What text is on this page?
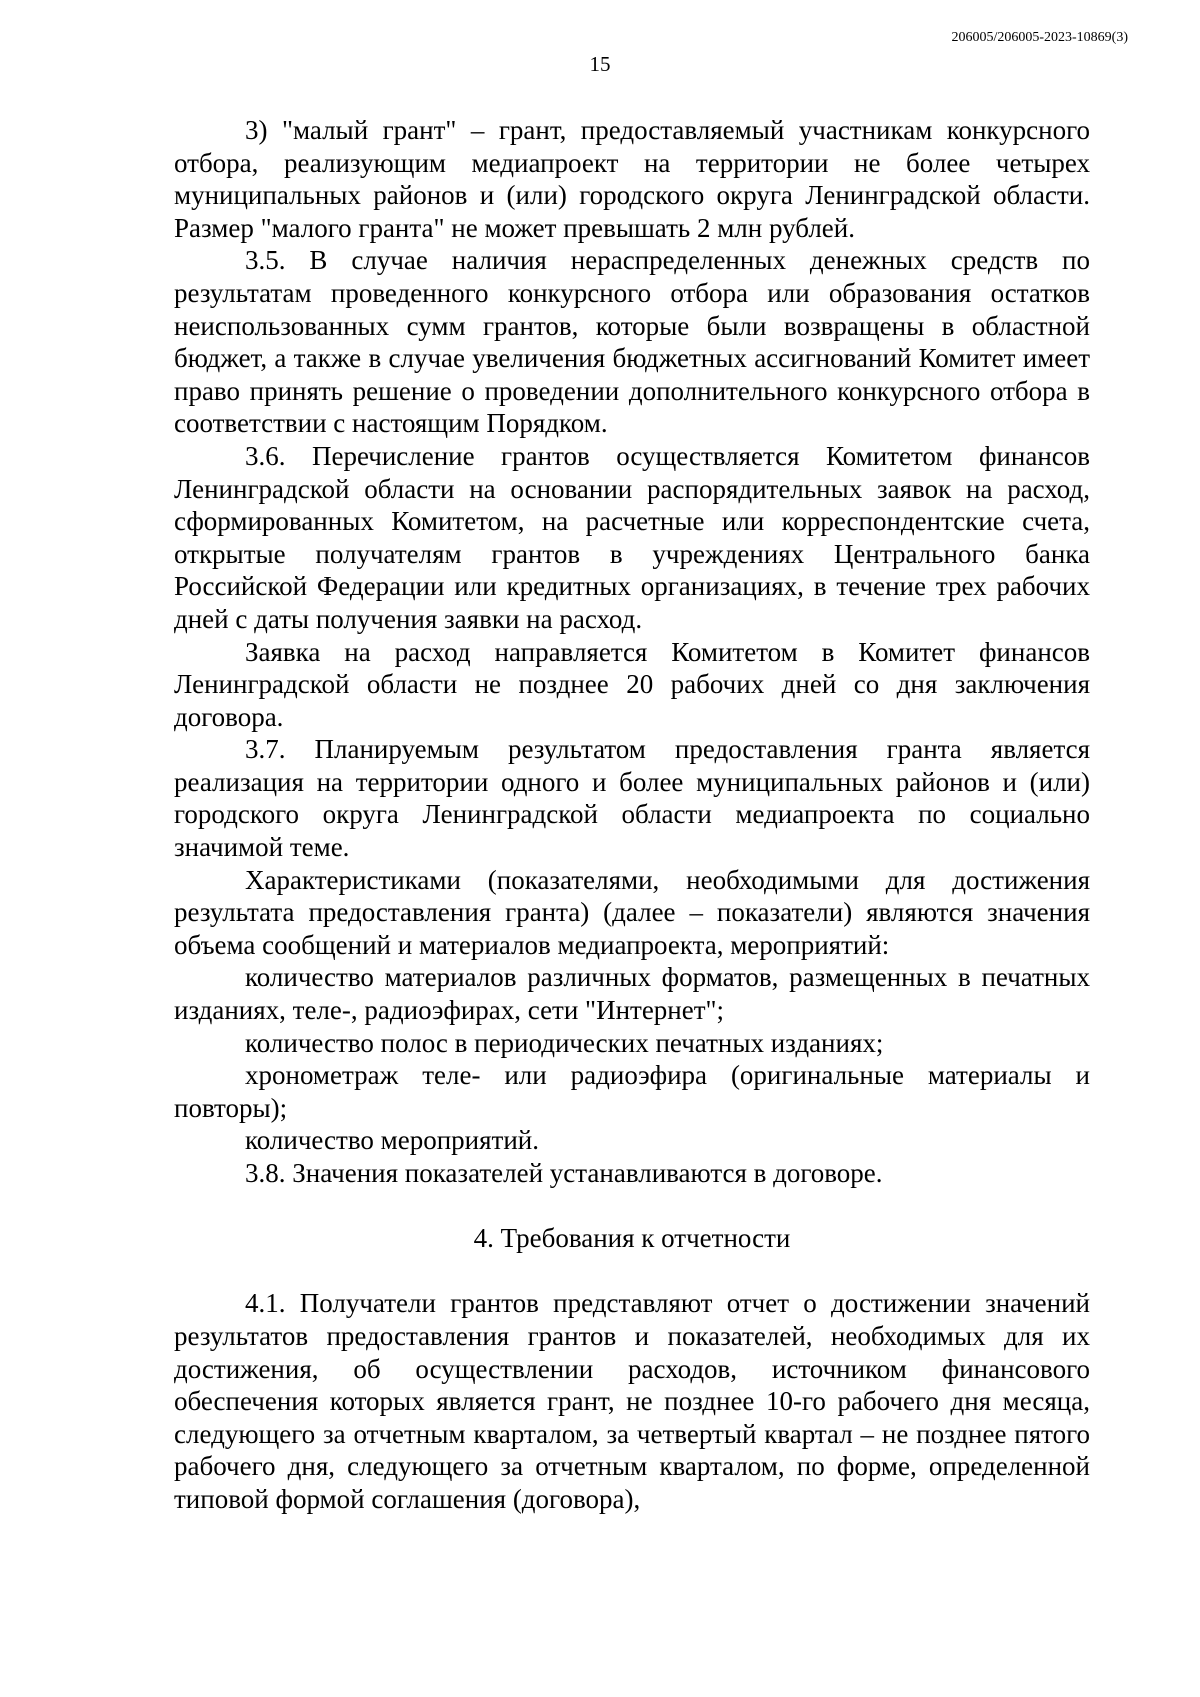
206005/206005-2023-10869(3)
15

3) "малый грант" – грант, предоставляемый участникам конкурсного отбора, реализующим медиапроект на территории не более четырех муниципальных районов и (или) городского округа Ленинградской области. Размер "малого гранта" не может превышать 2 млн рублей.

3.5. В случае наличия нераспределенных денежных средств по результатам проведенного конкурсного отбора или образования остатков неиспользованных сумм грантов, которые были возвращены в областной бюджет, а также в случае увеличения бюджетных ассигнований Комитет имеет право принять решение о проведении дополнительного конкурсного отбора в соответствии с настоящим Порядком.

3.6. Перечисление грантов осуществляется Комитетом финансов Ленинградской области на основании распорядительных заявок на расход, сформированных Комитетом, на расчетные или корреспондентские счета, открытые получателям грантов в учреждениях Центрального банка Российской Федерации или кредитных организациях, в течение трех рабочих дней с даты получения заявки на расход.

Заявка на расход направляется Комитетом в Комитет финансов Ленинградской области не позднее 20 рабочих дней со дня заключения договора.

3.7. Планируемым результатом предоставления гранта является реализация на территории одного и более муниципальных районов и (или) городского округа Ленинградской области медиапроекта по социально значимой теме.

Характеристиками (показателями, необходимыми для достижения результата предоставления гранта) (далее – показатели) являются значения объема сообщений и материалов медиапроекта, мероприятий:

количество материалов различных форматов, размещенных в печатных изданиях, теле-, радиоэфирах, сети "Интернет";

количество полос в периодических печатных изданиях;

хронометраж теле- или радиоэфира (оригинальные материалы и повторы);

количество мероприятий.

3.8. Значения показателей устанавливаются в договоре.

4. Требования к отчетности

4.1. Получатели грантов представляют отчет о достижении значений результатов предоставления грантов и показателей, необходимых для их достижения, об осуществлении расходов, источником финансового обеспечения которых является грант, не позднее 10-го рабочего дня месяца, следующего за отчетным кварталом, за четвертый квартал – не позднее пятого рабочего дня, следующего за отчетным кварталом, по форме, определенной типовой формой соглашения (договора),
